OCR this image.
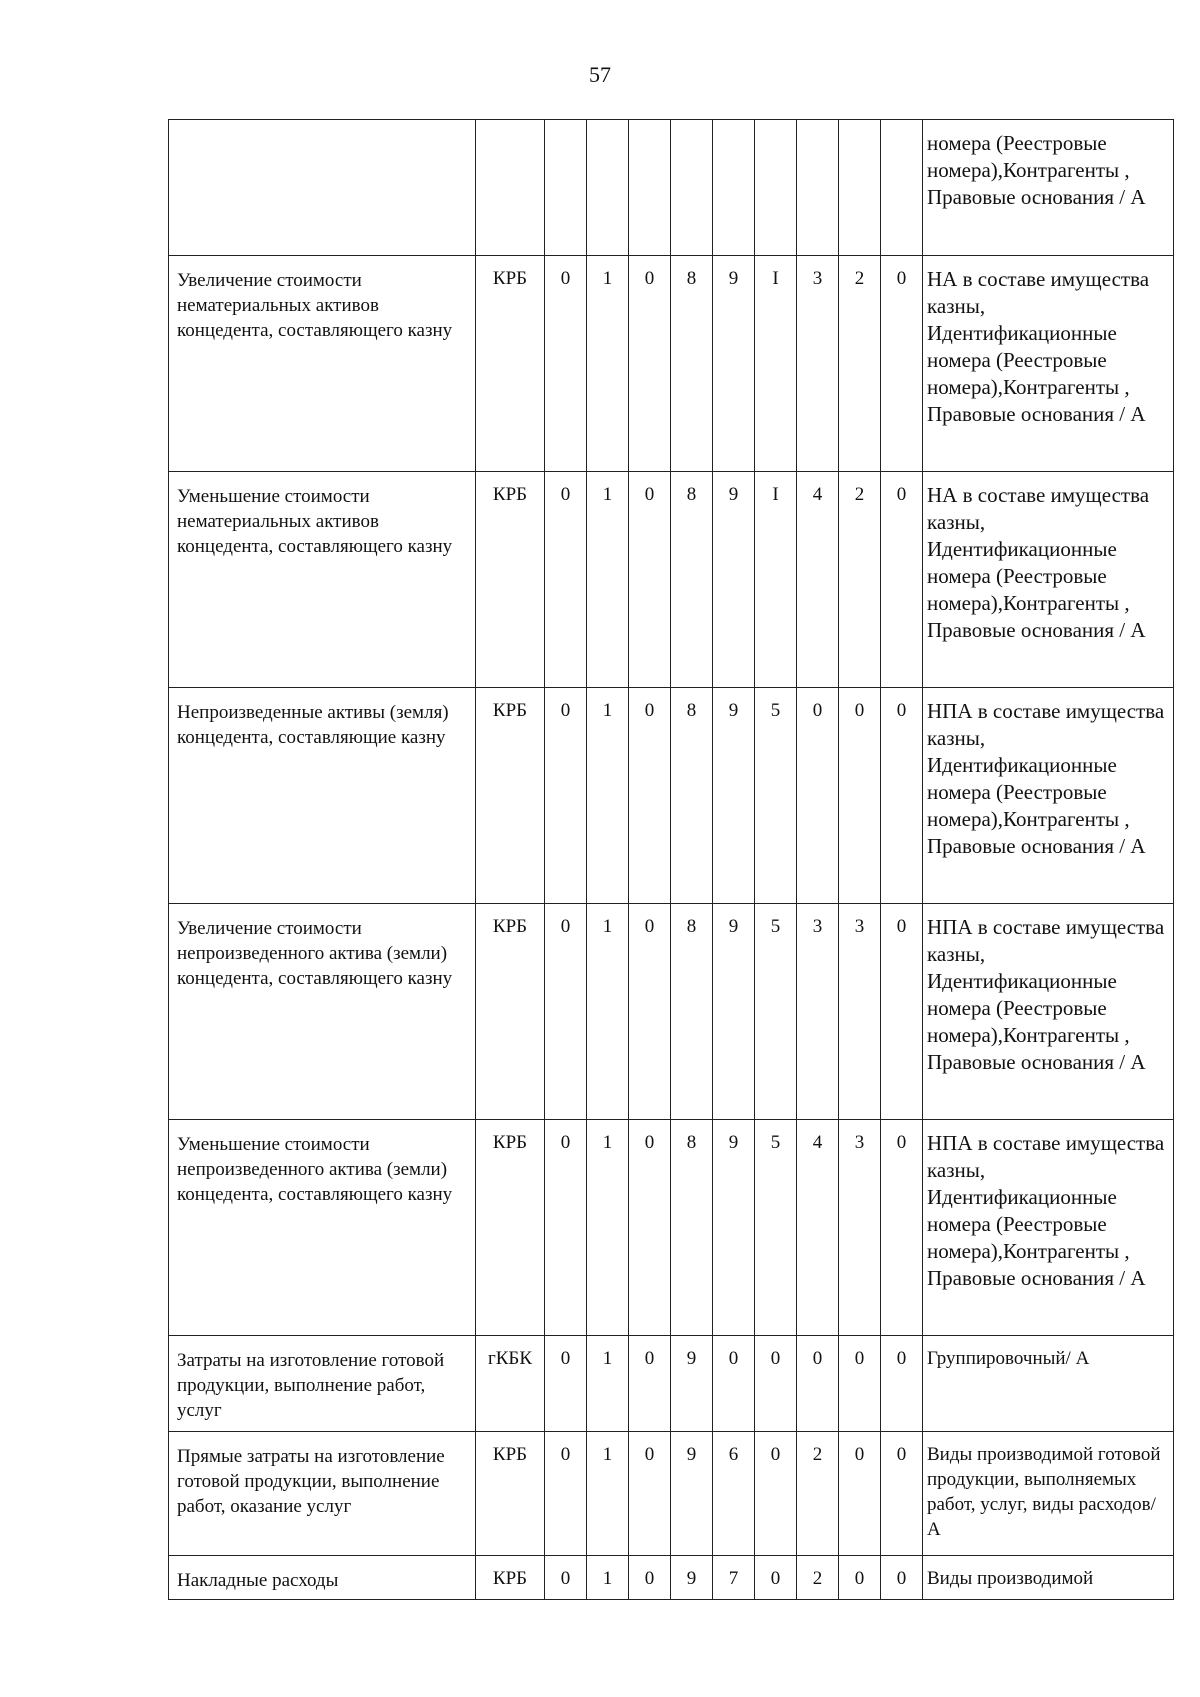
57
											номера (Реестровые номера),Контрагенты , Правовые основания / А
Увеличение стоимости нематериальных активов концедента, составляющего казну	КРБ	0	1	0	8	9	I	3	2	0	НА в составе имущества казны, Идентификационные номера (Реестровые номера),Контрагенты , Правовые основания / А
Уменьшение стоимости нематериальных активов концедента, составляющего казну	КРБ	0	1	0	8	9	I	4	2	0	НА в составе имущества казны, Идентификационные номера (Реестровые номера),Контрагенты , Правовые основания / А
Непроизведенные активы (земля) концедента, составляющие казну	КРБ	0	1	0	8	9	5	0	0	0	НПА в составе имущества казны, Идентификационные номера (Реестровые номера),Контрагенты , Правовые основания / А
Увеличение стоимости непроизведенного актива (земли) концедента, составляющего казну	КРБ	0	1	0	8	9	5	3	3	0	НПА в составе имущества казны, Идентификационные номера (Реестровые номера),Контрагенты , Правовые основания / А
Уменьшение стоимости непроизведенного актива (земли) концедента, составляющего казну	КРБ	0	1	0	8	9	5	4	3	0	НПА в составе имущества казны, Идентификационные номера (Реестровые номера),Контрагенты , Правовые основания / А
Затраты на изготовление готовой продукции, выполнение работ, услуг	гКБК	0	1	0	9	0	0	0	0	0	Группировочный/ А
Прямые затраты на изготовление готовой продукции, выполнение работ, оказание услуг	КРБ	0	1	0	9	6	0	2	0	0	Виды производимой готовой продукции, выполняемых работ, услуг, виды расходов/ А
Накладные расходы	КРБ	0	1	0	9	7	0	2	0	0	Виды производимой
